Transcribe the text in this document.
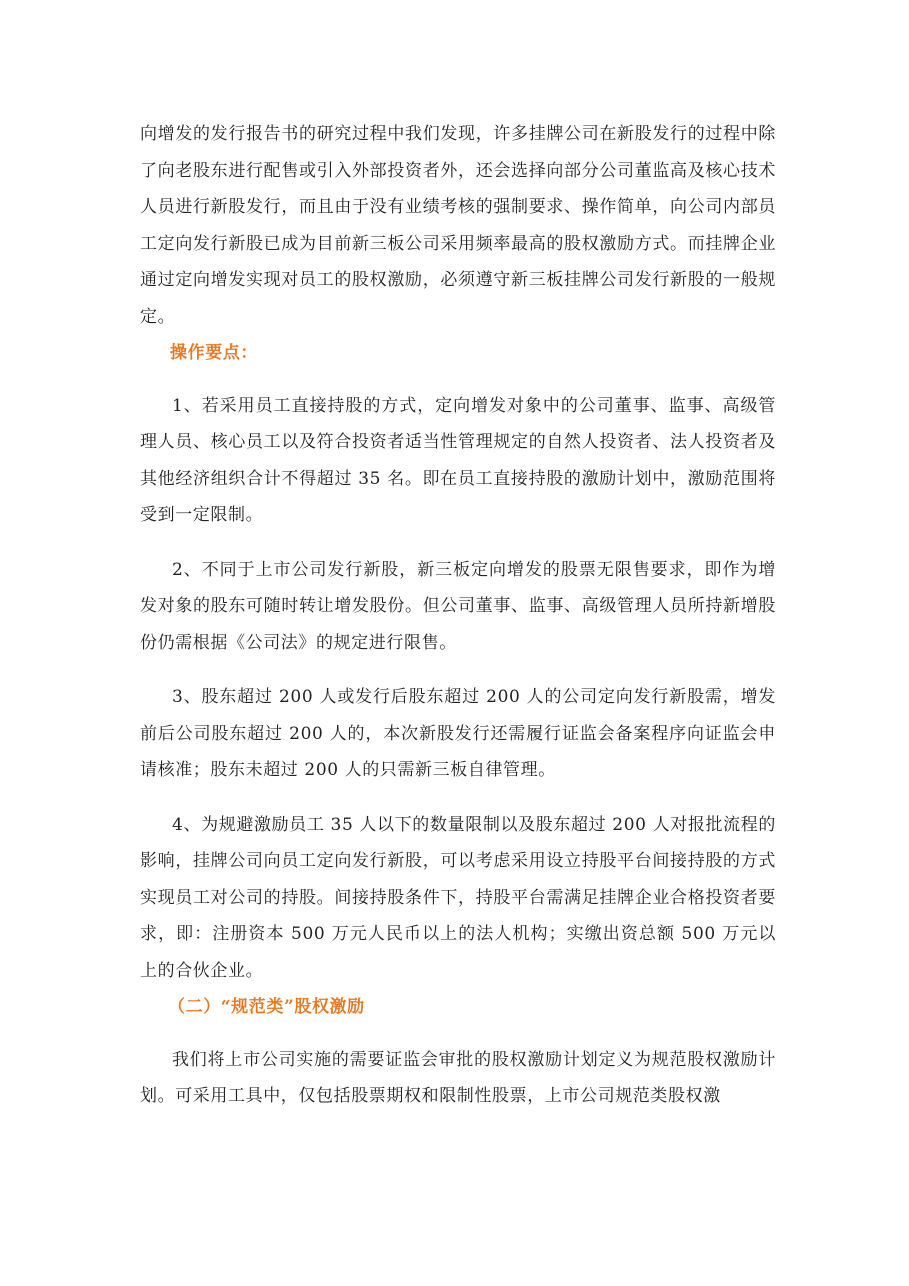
向增发的发行报告书的研究过程中我们发现，许多挂牌公司在新股发行的过程中除了向老股东进行配售或引入外部投资者外，还会选择向部分公司董监高及核心技术人员进行新股发行，而且由于没有业绩考核的强制要求、操作简单，向公司内部员工定向发行新股已成为目前新三板公司采用频率最高的股权激励方式。而挂牌企业通过定向增发实现对员工的股权激励，必须遵守新三板挂牌公司发行新股的一般规定。

操作要点：

1、若采用员工直接持股的方式，定向增发对象中的公司董事、监事、高级管理人员、核心员工以及符合投资者适当性管理规定的自然人投资者、法人投资者及其他经济组织合计不得超过 35 名。即在员工直接持股的激励计划中，激励范围将受到一定限制。

2、不同于上市公司发行新股，新三板定向增发的股票无限售要求，即作为增发对象的股东可随时转让增发股份。但公司董事、监事、高级管理人员所持新增股份仍需根据《公司法》的规定进行限售。

3、股东超过 200 人或发行后股东超过 200 人的公司定向发行新股需，增发前后公司股东超过 200 人的，本次新股发行还需履行证监会备案程序向证监会申请核准；股东未超过 200 人的只需新三板自律管理。

4、为规避激励员工 35 人以下的数量限制以及股东超过 200 人对报批流程的影响，挂牌公司向员工定向发行新股，可以考虑采用设立持股平台间接持股的方式实现员工对公司的持股。间接持股条件下，持股平台需满足挂牌企业合格投资者要求，即：注册资本 500 万元人民币以上的法人机构；实缴出资总额 500 万元以上的合伙企业。

（二）“规范类”股权激励

我们将上市公司实施的需要证监会审批的股权激励计划定义为规范股权激励计划。可采用工具中，仅包括股票期权和限制性股票，上市公司规范类股权激
